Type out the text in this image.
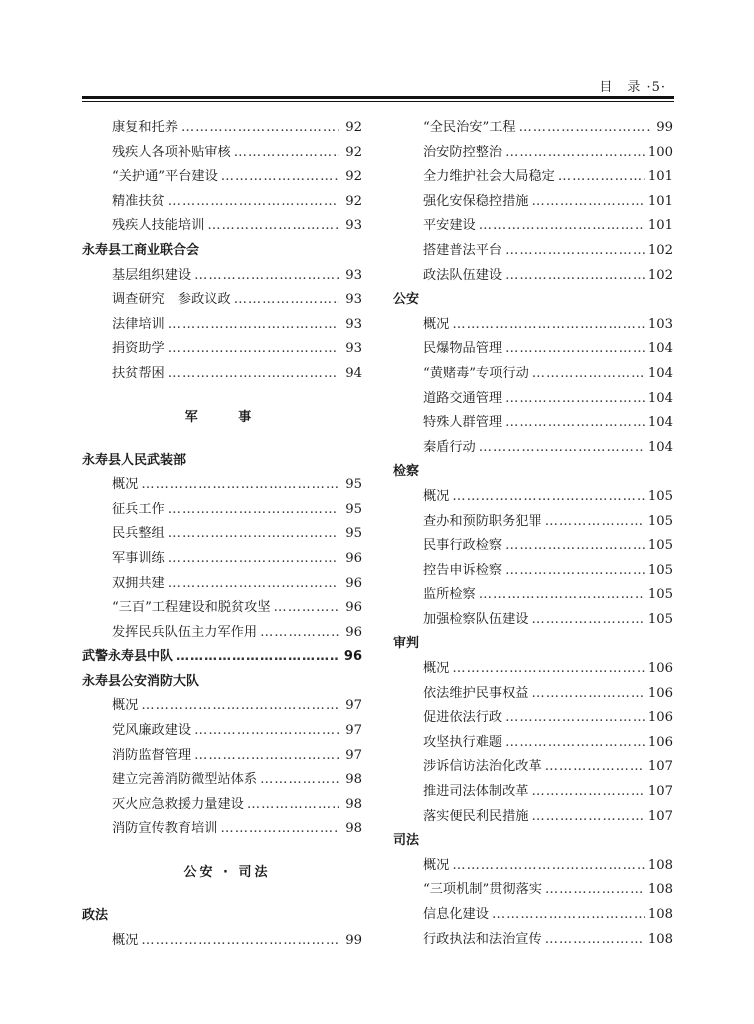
目　录 ·5·
康复和托养 ……………………………………………………………………………………………………………………	92
残疾人各项补贴审核 ……………………………………………………………………………………………………………………	92
“关护通”平台建设 ……………………………………………………………………………………………………………………	92
精准扶贫 ……………………………………………………………………………………………………………………	92
残疾人技能培训 ……………………………………………………………………………………………………………………	93
永寿县工商业联合会
基层组织建设 ……………………………………………………………………………………………………………………	93
调查研究　参政议政 ……………………………………………………………………………………………………………………	93
法律培训 ……………………………………………………………………………………………………………………	93
捐资助学 ……………………………………………………………………………………………………………………	93
扶贫帮困 ……………………………………………………………………………………………………………………	94
军 事
永寿县人民武装部
概况 ……………………………………………………………………………………………………………………	95
征兵工作 ……………………………………………………………………………………………………………………	95
民兵整组 ……………………………………………………………………………………………………………………	95
军事训练 ……………………………………………………………………………………………………………………	96
双拥共建 ……………………………………………………………………………………………………………………	96
“三百”工程建设和脱贫攻坚 ……………………………………………………………………………………………………………………	96
发挥民兵队伍主力军作用 ……………………………………………………………………………………………………………………	96
武警永寿县中队 ……………………………………………………………………………………………………………………	96
永寿县公安消防大队
概况 ……………………………………………………………………………………………………………………	97
党风廉政建设 ……………………………………………………………………………………………………………………	97
消防监督管理 ……………………………………………………………………………………………………………………	97
建立完善消防微型站体系 ……………………………………………………………………………………………………………………	98
灭火应急救援力量建设 ……………………………………………………………………………………………………………………	98
消防宣传教育培训 ……………………………………………………………………………………………………………………	98
公安 · 司法
政法
概况 ……………………………………………………………………………………………………………………	99
“全民治安”工程 ……………………………………………………………………………………………………………………	99
治安防控整治 ……………………………………………………………………………………………………………………	100
全力维护社会大局稳定 ……………………………………………………………………………………………………………………	101
强化安保稳控措施 ……………………………………………………………………………………………………………………	101
平安建设 ……………………………………………………………………………………………………………………	101
搭建普法平台 ……………………………………………………………………………………………………………………	102
政法队伍建设 ……………………………………………………………………………………………………………………	102
公安
概况 ……………………………………………………………………………………………………………………	103
民爆物品管理 ……………………………………………………………………………………………………………………	104
“黄赌毒”专项行动 ……………………………………………………………………………………………………………………	104
道路交通管理 ……………………………………………………………………………………………………………………	104
特殊人群管理 ……………………………………………………………………………………………………………………	104
秦盾行动 ……………………………………………………………………………………………………………………	104
检察
概况 ……………………………………………………………………………………………………………………	105
查办和预防职务犯罪 ……………………………………………………………………………………………………………………	105
民事行政检察 ……………………………………………………………………………………………………………………	105
控告申诉检察 ……………………………………………………………………………………………………………………	105
监所检察 ……………………………………………………………………………………………………………………	105
加强检察队伍建设 ……………………………………………………………………………………………………………………	105
审判
概况 ……………………………………………………………………………………………………………………	106
依法维护民事权益 ……………………………………………………………………………………………………………………	106
促进依法行政 ……………………………………………………………………………………………………………………	106
攻坚执行难题 ……………………………………………………………………………………………………………………	106
涉诉信访法治化改革 ……………………………………………………………………………………………………………………	107
推进司法体制改革 ……………………………………………………………………………………………………………………	107
落实便民利民措施 ……………………………………………………………………………………………………………………	107
司法
概况 ……………………………………………………………………………………………………………………	108
“三项机制”贯彻落实 ……………………………………………………………………………………………………………………	108
信息化建设 ……………………………………………………………………………………………………………………	108
行政执法和法治宣传 ……………………………………………………………………………………………………………………	108
